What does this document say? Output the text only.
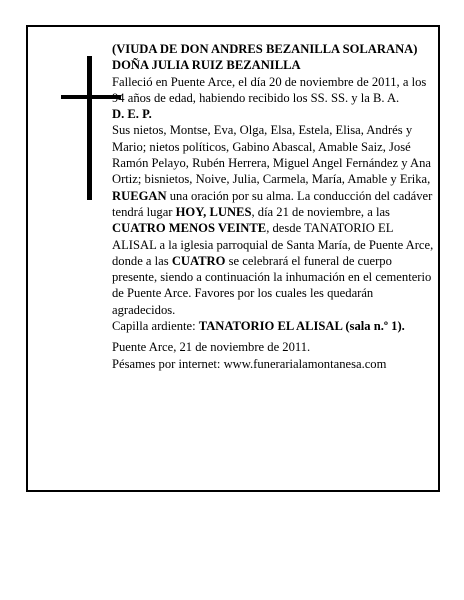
(VIUDA DE DON ANDRES BEZANILLA SOLARANA)

DOÑA JULIA RUIZ BEZANILLA

Falleció en Puente Arce, el día 20 de noviembre de 2011, a los 94 años de edad, habiendo recibido los SS. SS. y la B. A.

D. E. P.

Sus nietos, Montse, Eva, Olga, Elsa, Estela, Elisa, Andrés y Mario; nietos políticos, Gabino Abascal, Amable Saiz, José Ramón Pelayo, Rubén Herrera, Miguel Angel Fernández y Ana Ortiz; bisnietos, Noive, Julia, Carmela, María, Amable y Erika,

RUEGAN una oración por su alma. La conducción del cadáver tendrá lugar HOY, LUNES, día 21 de noviembre, a las CUATRO MENOS VEINTE, desde TANATORIO EL ALISAL a la iglesia parroquial de Santa María, de Puente Arce, donde a las CUATRO se celebrará el funeral de cuerpo presente, siendo a continuación la inhumación en el cementerio de Puente Arce. Favores por los cuales les quedarán agradecidos.

Capilla ardiente: TANATORIO EL ALISAL (sala n.º 1).

Puente Arce, 21 de noviembre de 2011.

Pésames por internet: www.funerarialamontanesa.com
